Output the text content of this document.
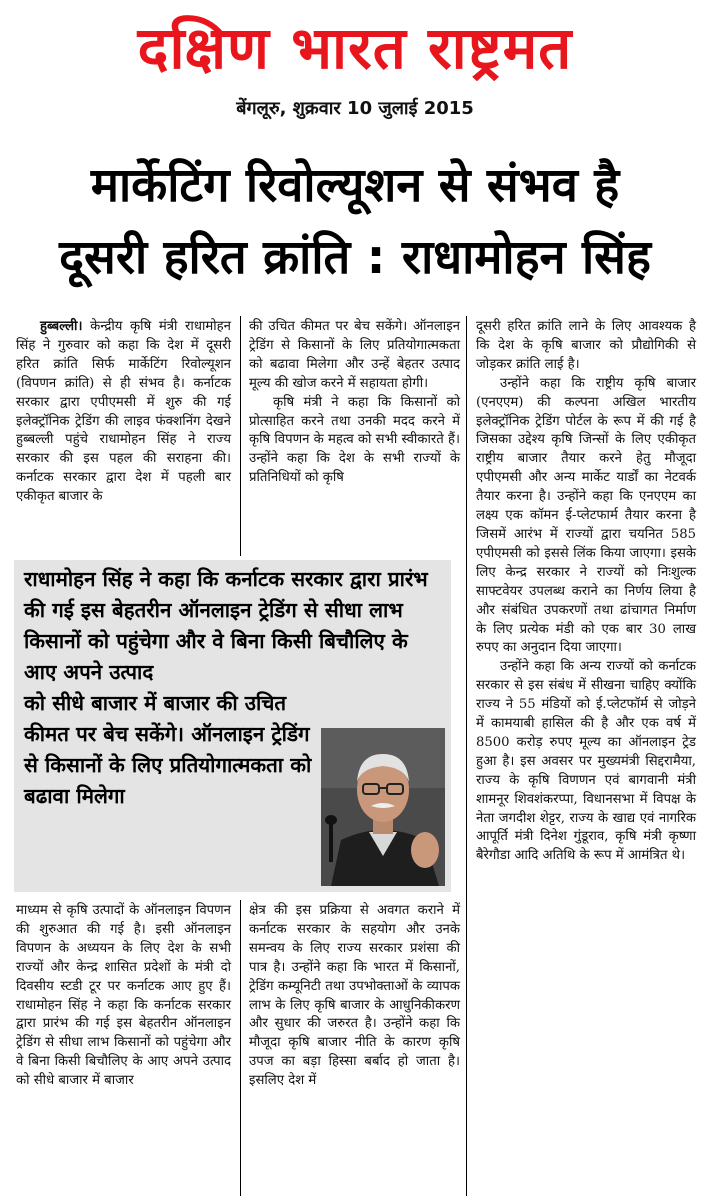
दक्षिण भारत राष्ट्रमत
बेंगलूरु, शुक्रवार 10 जुलाई 2015
मार्केटिंग रिवोल्यूशन से संभव है
दूसरी हरित क्रांति : राधामोहन सिंह

हुब्बल्ली। केन्द्रीय कृषि मंत्री राधामोहन सिंह ने गुरुवार को कहा कि देश में दूसरी हरित क्रांति सिर्फ मार्केटिंग रिवोल्यूशन (विपणन क्रांति) से ही संभव है। कर्नाटक सरकार द्वारा एपीएमसी में शुरु की गई इलेक्ट्रॉनिक ट्रेडिंग की लाइव फंक्शनिंग देखने हुब्बल्ली पहुंचे राधामोहन सिंह ने राज्य सरकार की इस पहल की सराहना की। कर्नाटक सरकार द्वारा देश में पहली बार एकीकृत बाजार के

की उचित कीमत पर बेच सकेंगे। ऑनलाइन ट्रेडिंग से किसानों के लिए प्रतियोगात्मकता को बढावा मिलेगा और उन्हें बेहतर उत्पाद मूल्य की खोज करने में सहायता होगी।

कृषि मंत्री ने कहा कि किसानों को प्रोत्साहित करने तथा उनकी मदद करने में कृषि विपणन के महत्व को सभी स्वीकारते हैं। उन्होंने कहा कि देश के सभी राज्यों के प्रतिनिधियों को कृषि

दूसरी हरित क्रांति लाने के लिए आवश्यक है कि देश के कृषि बाजार को प्रौद्योगिकी से जोड़कर क्रांति लाई है।

उन्होंने कहा कि राष्ट्रीय कृषि बाजार (एनएएम) की कल्पना अखिल भारतीय इलेक्ट्रॉनिक ट्रेडिंग पोर्टल के रूप में की गई है जिसका उद्देश्य कृषि जिन्सों के लिए एकीकृत राष्ट्रीय बाजार तैयार करने हेतु मौजूदा एपीएमसी और अन्य मार्केट यार्डों का नेटवर्क तैयार करना है। उन्होंने कहा कि एनएएम का लक्ष्य एक कॉमन ई-प्लेटफार्म तैयार करना है जिसमें आरंभ में राज्यों द्वारा चयनित 585 एपीएमसी को इससे लिंक किया जाएगा। इसके लिए केन्द्र सरकार ने राज्यों को निःशुल्क साफ्टवेयर उपलब्ध कराने का निर्णय लिया है और संबंधित उपकरणों तथा ढांचागत निर्माण के लिए प्रत्येक मंडी को एक बार 30 लाख रुपए का अनुदान दिया जाएगा।

उन्होंने कहा कि अन्य राज्यों को कर्नाटक सरकार से इस संबंध में सीखना चाहिए क्योंकि राज्य ने 55 मंडियों को ई.प्लेटफॉर्म से जोड़ने में कामयाबी हासिल की है और एक वर्ष में 8500 करोड़ रुपए मूल्य का ऑनलाइन ट्रेड हुआ है। इस अवसर पर मुख्यमंत्री सिद्दरामैया, राज्य के कृषि विणणन एवं बागवानी मंत्री शामनूर शिवशंकरप्पा, विधानसभा में विपक्ष के नेता जगदीश शेट्टर, राज्य के खाद्य एवं नागरिक आपूर्ति मंत्री दिनेश गुंडूराव, कृषि मंत्री कृष्णा बैरेगौडा आदि अतिथि के रूप में आमंत्रित थे।

राधामोहन सिंह ने कहा कि कर्नाटक सरकार द्वारा प्रारंभ की गई इस बेहतरीन ऑनलाइन ट्रेडिंग से सीधा लाभ किसानों को पहुंचेगा और वे बिना किसी बिचौलिए के आए अपने उत्पाद
को सीधे बाजार में बाजार की उचित कीमत पर बेच सकेंगे। ऑनलाइन ट्रेडिंग से किसानों के लिए प्रतियोगात्मकता को बढावा मिलेगा

माध्यम से कृषि उत्पादों के ऑनलाइन विपणन की शुरुआत की गई है। इसी ऑनलाइन विपणन के अध्ययन के लिए देश के सभी राज्यों और केन्द्र शासित प्रदेशों के मंत्री दो दिवसीय स्टडी टूर पर कर्नाटक आए हुए हैं। राधामोहन सिंह ने कहा कि कर्नाटक सरकार द्वारा प्रारंभ की गई इस बेहतरीन ऑनलाइन ट्रेडिंग से सीधा लाभ किसानों को पहुंचेगा और वे बिना किसी बिचौलिए के आए अपने उत्पाद को सीधे बाजार में बाजार

क्षेत्र की इस प्रक्रिया से अवगत कराने में कर्नाटक सरकार के सहयोग और उनके समन्वय के लिए राज्य सरकार प्रशंसा की पात्र है। उन्होंने कहा कि भारत में किसानों, ट्रेडिंग कम्यूनिटी तथा उपभोक्ताओं के व्यापक लाभ के लिए कृषि बाजार के आधुनिकीकरण और सुधार की जरुरत है। उन्होंने कहा कि मौजूदा कृषि बाजार नीति के कारण कृषि उपज का बड़ा हिस्सा बर्बाद हो जाता है। इसलिए देश में
